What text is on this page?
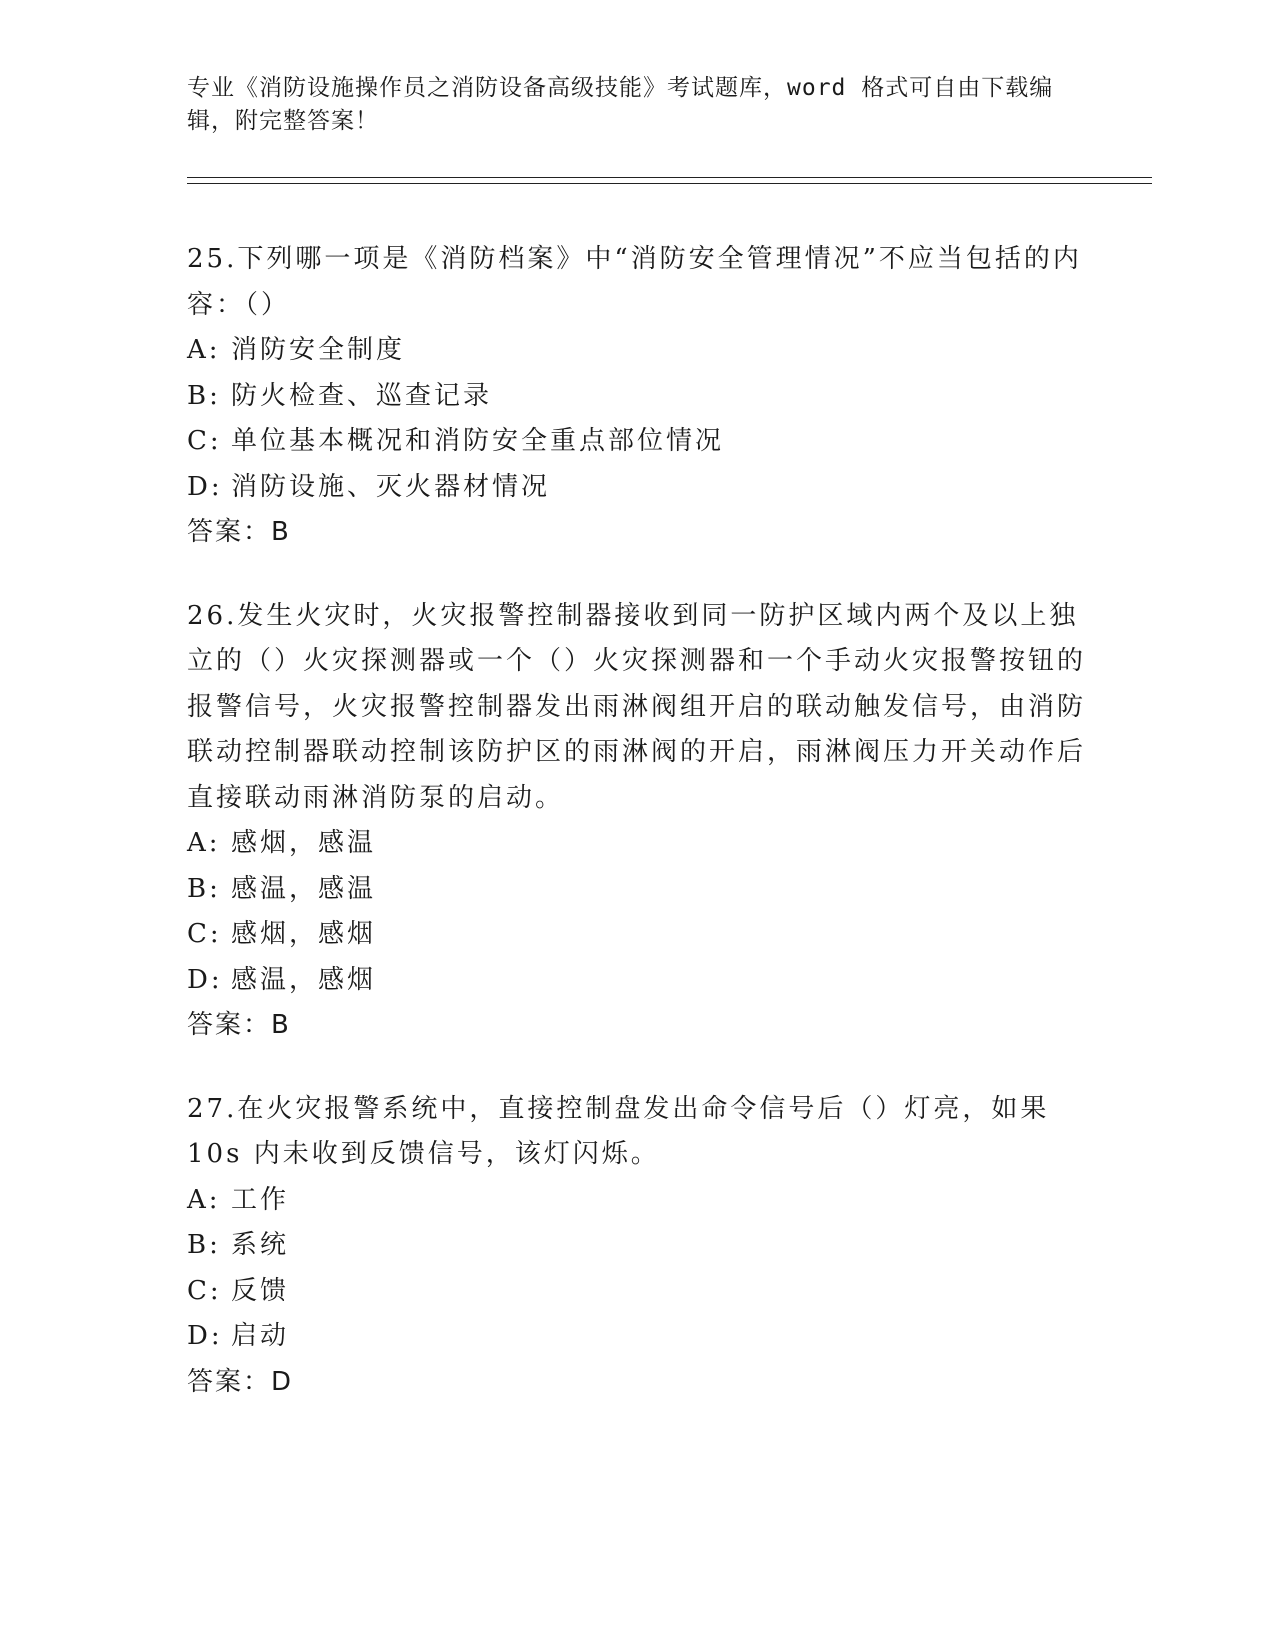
专业《消防设施操作员之消防设备高级技能》考试题库，word 格式可自由下载编辑，附完整答案！

25.下列哪一项是《消防档案》中“消防安全管理情况”不应当包括的内容：（）

A: 消防安全制度

B: 防火检查、巡查记录

C: 单位基本概况和消防安全重点部位情况

D: 消防设施、灭火器材情况

答案：B

26.发生火灾时，火灾报警控制器接收到同一防护区域内两个及以上独立的（）火灾探测器或一个（）火灾探测器和一个手动火灾报警按钮的报警信号，火灾报警控制器发出雨淋阀组开启的联动触发信号，由消防联动控制器联动控制该防护区的雨淋阀的开启，雨淋阀压力开关动作后直接联动雨淋消防泵的启动。

A: 感烟，感温

B: 感温，感温

C: 感烟，感烟

D: 感温，感烟

答案：B

27.在火灾报警系统中，直接控制盘发出命令信号后（）灯亮，如果10s 内未收到反馈信号，该灯闪烁。

A: 工作

B: 系统

C: 反馈

D: 启动

答案：D
